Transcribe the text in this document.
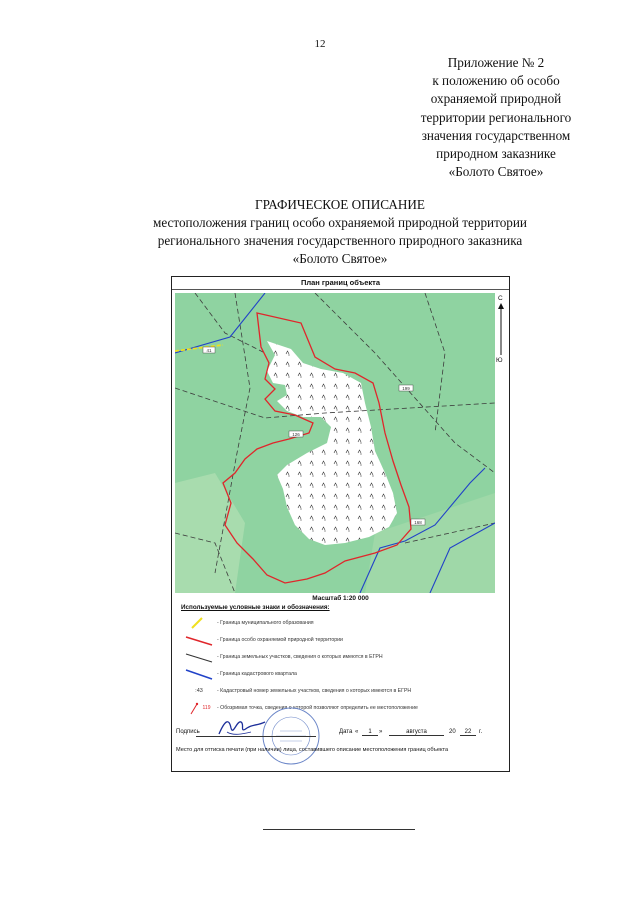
12
Приложение № 2
к положению об особо
охраняемой природной
территории регионального
значения государственном
природном заказнике
«Болото Святое»
ГРАФИЧЕСКОЕ ОПИСАНИЕ
местоположения границ особо охраняемой природной территории
регионального значения государственного природного заказника
«Болото Святое»
План границ объекта
126
199
168
41
С
Ю
Масштаб 1:20 000
Используемые условные знаки и обозначения:
- Граница муниципального образования
- Граница особо охраняемой природной территории
- Граница земельных участков, сведения о которых имеются в ЕГРН
- Граница кадастрового квартала
:43	- Кадастровый номер земельных участков, сведения о которых имеются в ЕГРН
119 - Обозримая точка, сведения о которой позволяют определить ее местоположение
Подпись	Дата «	1	»	августа	20	22	г.
Место для оттиска печати (при наличии) лица, составившего описание местоположения границ объекта
